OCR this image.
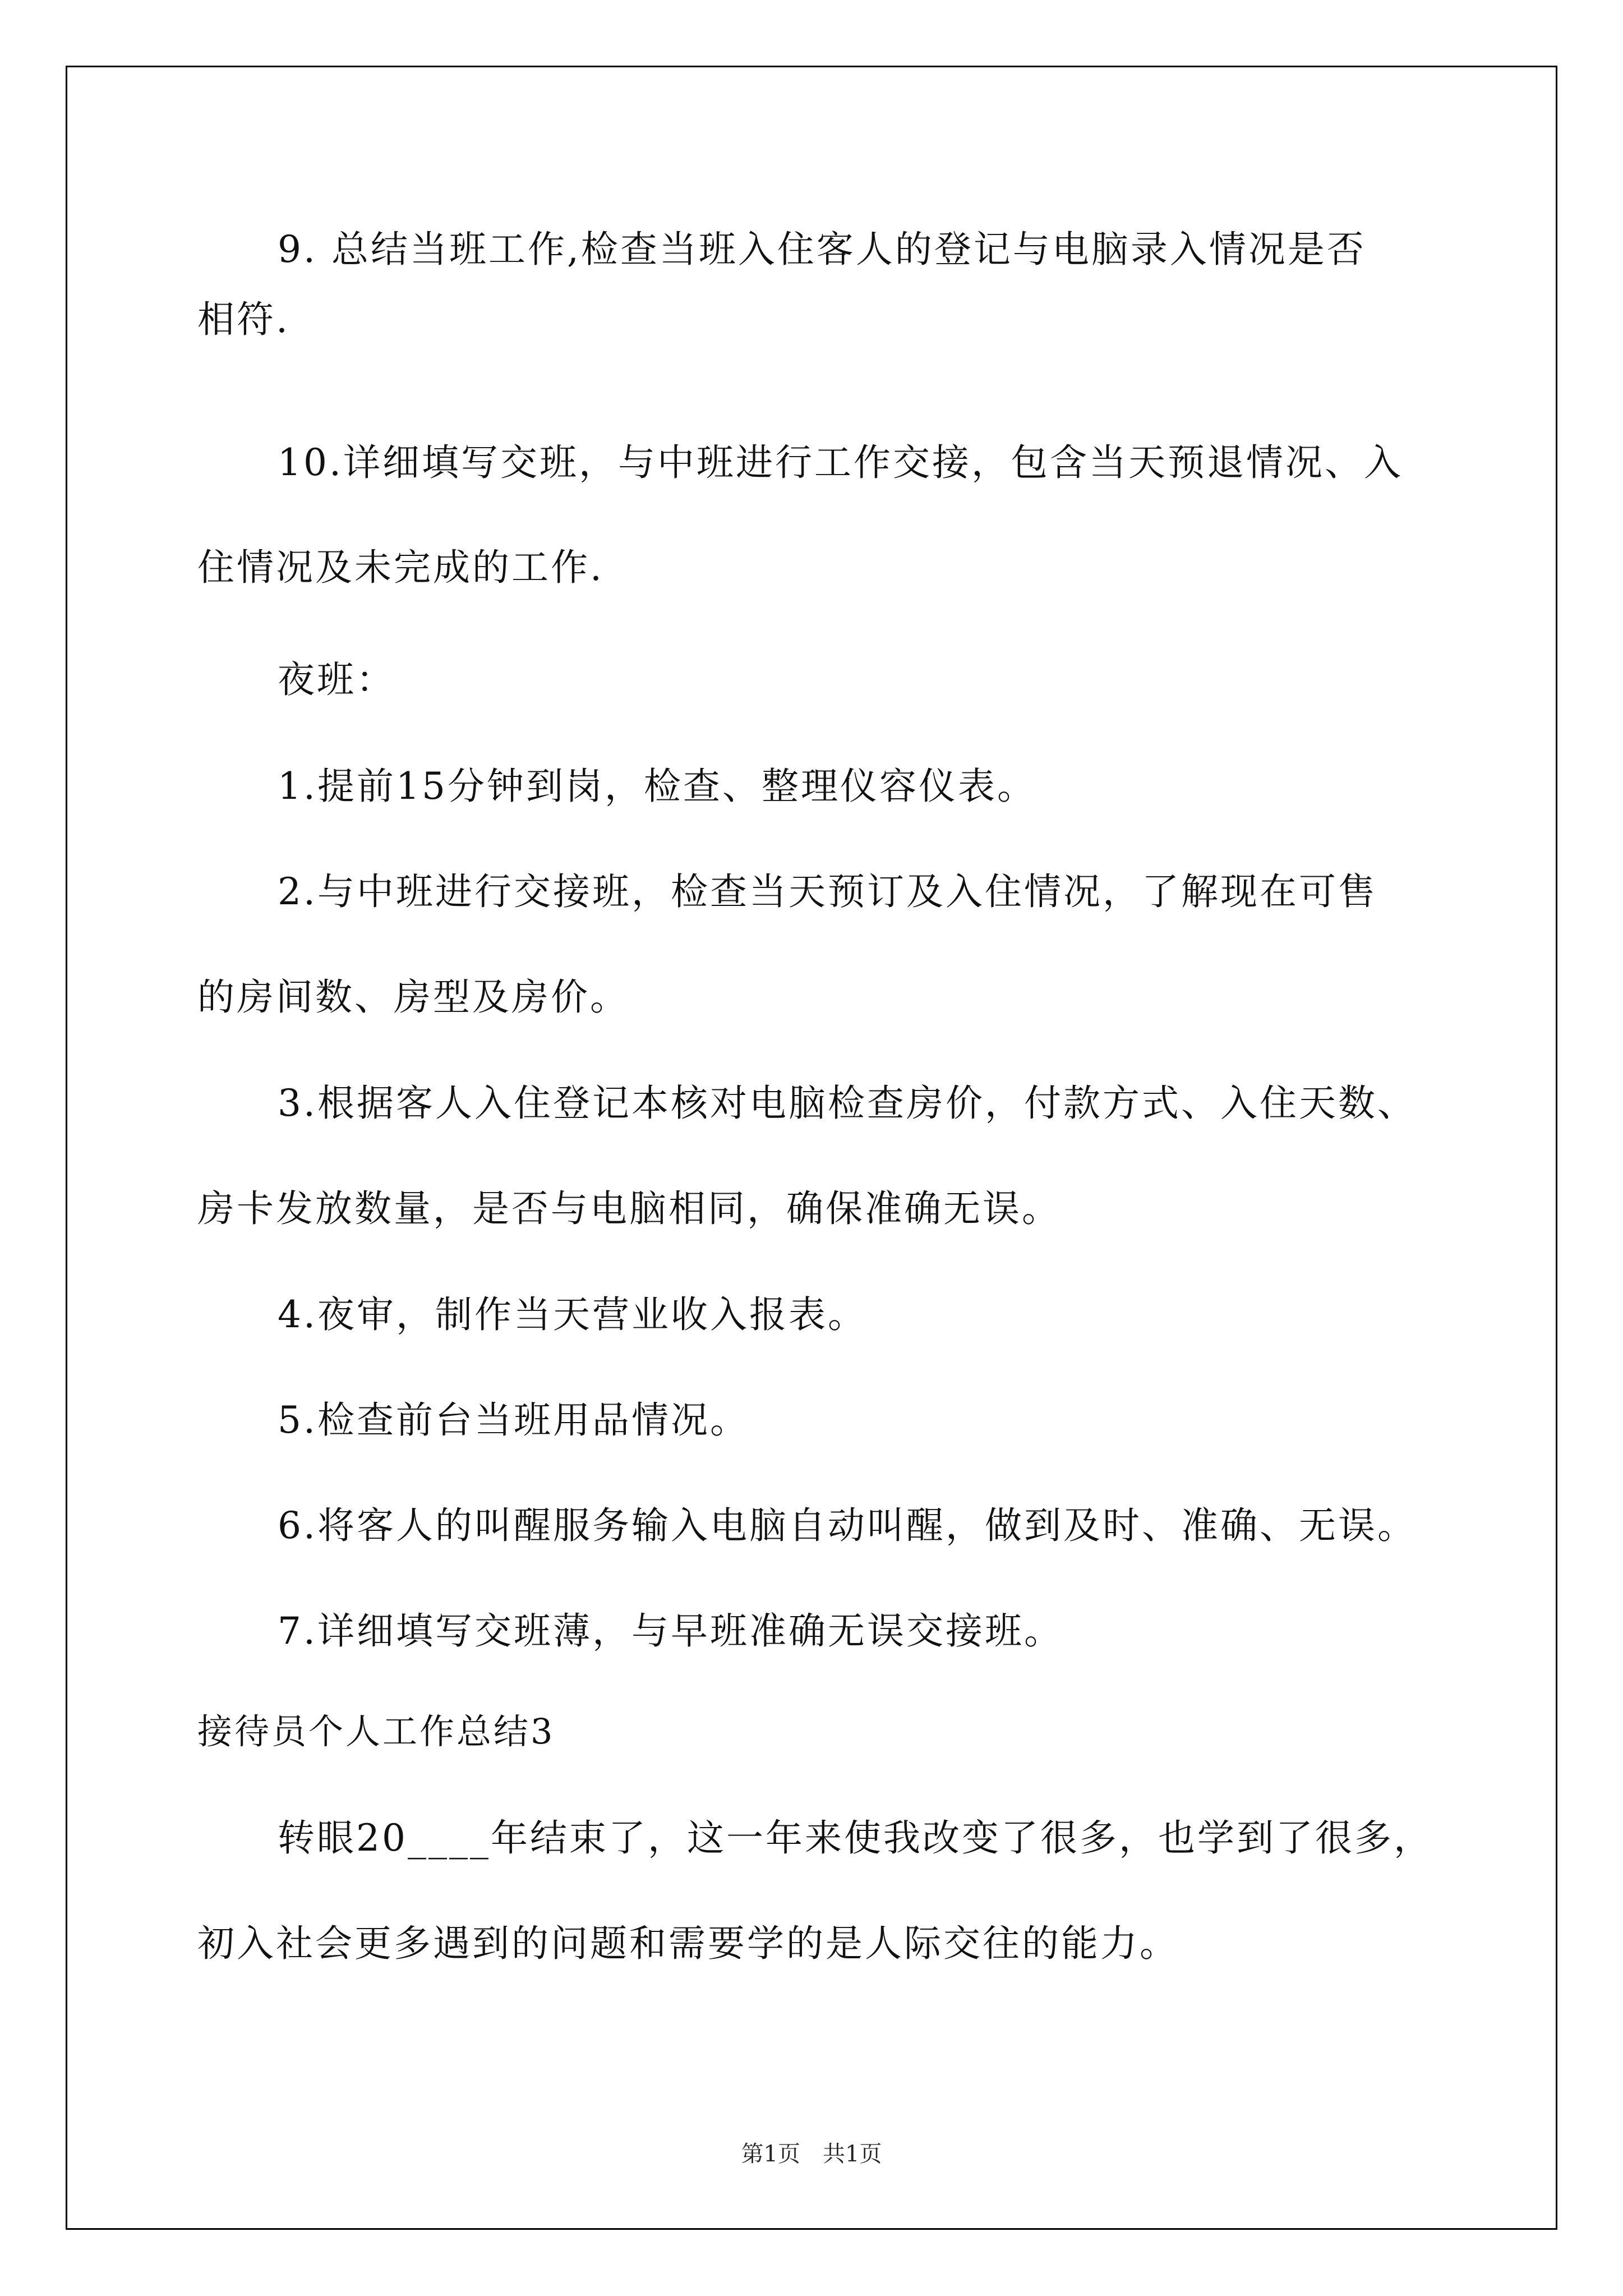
9. 总结当班工作,检查当班入住客人的登记与电脑录入情况是否
相符.
10.详细填写交班，与中班进行工作交接，包含当天预退情况、入
住情况及未完成的工作.
夜班：
1.提前15分钟到岗，检查、整理仪容仪表。
2.与中班进行交接班，检查当天预订及入住情况，了解现在可售
的房间数、房型及房价。
3.根据客人入住登记本核对电脑检查房价，付款方式、入住天数、
房卡发放数量，是否与电脑相同，确保准确无误。
4.夜审，制作当天营业收入报表。
5.检查前台当班用品情况。
6.将客人的叫醒服务输入电脑自动叫醒，做到及时、准确、无误。
7.详细填写交班薄，与早班准确无误交接班。
接待员个人工作总结3
转眼20____年结束了，这一年来使我改变了很多，也学到了很多，
初入社会更多遇到的问题和需要学的是人际交往的能力。
第1页　共1页
